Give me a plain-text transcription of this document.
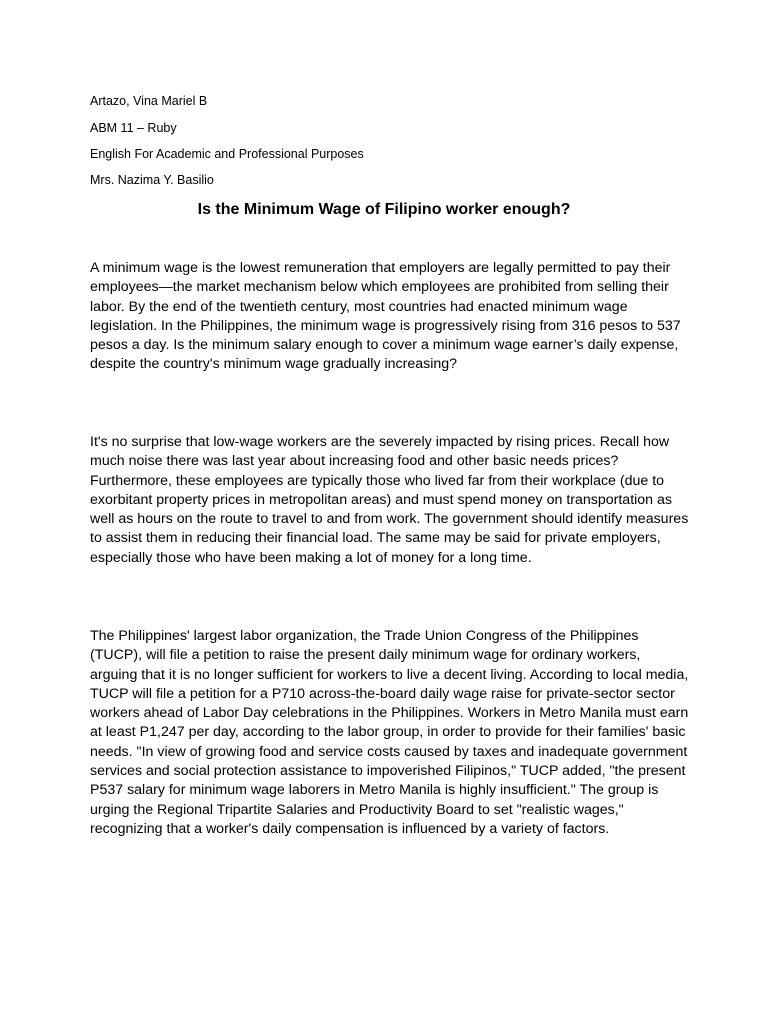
Artazo, Vina Mariel B
ABM 11 – Ruby
English For Academic and Professional Purposes
Mrs. Nazima Y. Basilio
Is the Minimum Wage of Filipino worker enough?

A minimum wage is the lowest remuneration that employers are legally permitted to pay their employees—the market mechanism below which employees are prohibited from selling their labor. By the end of the twentieth century, most countries had enacted minimum wage legislation. In the Philippines, the minimum wage is progressively rising from 316 pesos to 537 pesos a day. Is the minimum salary enough to cover a minimum wage earner’s daily expense, despite the country's minimum wage gradually increasing?

It's no surprise that low-wage workers are the severely impacted by rising prices. Recall how much noise there was last year about increasing food and other basic needs prices? Furthermore, these employees are typically those who lived far from their workplace (due to exorbitant property prices in metropolitan areas) and must spend money on transportation as well as hours on the route to travel to and from work. The government should identify measures to assist them in reducing their financial load. The same may be said for private employers, especially those who have been making a lot of money for a long time.

The Philippines' largest labor organization, the Trade Union Congress of the Philippines (TUCP), will file a petition to raise the present daily minimum wage for ordinary workers, arguing that it is no longer sufficient for workers to live a decent living. According to local media, TUCP will file a petition for a P710 across-the-board daily wage raise for private-sector sector workers ahead of Labor Day celebrations in the Philippines. Workers in Metro Manila must earn at least P1,247 per day, according to the labor group, in order to provide for their families' basic needs. "In view of growing food and service costs caused by taxes and inadequate government services and social protection assistance to impoverished Filipinos," TUCP added, "the present P537 salary for minimum wage laborers in Metro Manila is highly insufficient." The group is urging the Regional Tripartite Salaries and Productivity Board to set "realistic wages," recognizing that a worker's daily compensation is influenced by a variety of factors.
